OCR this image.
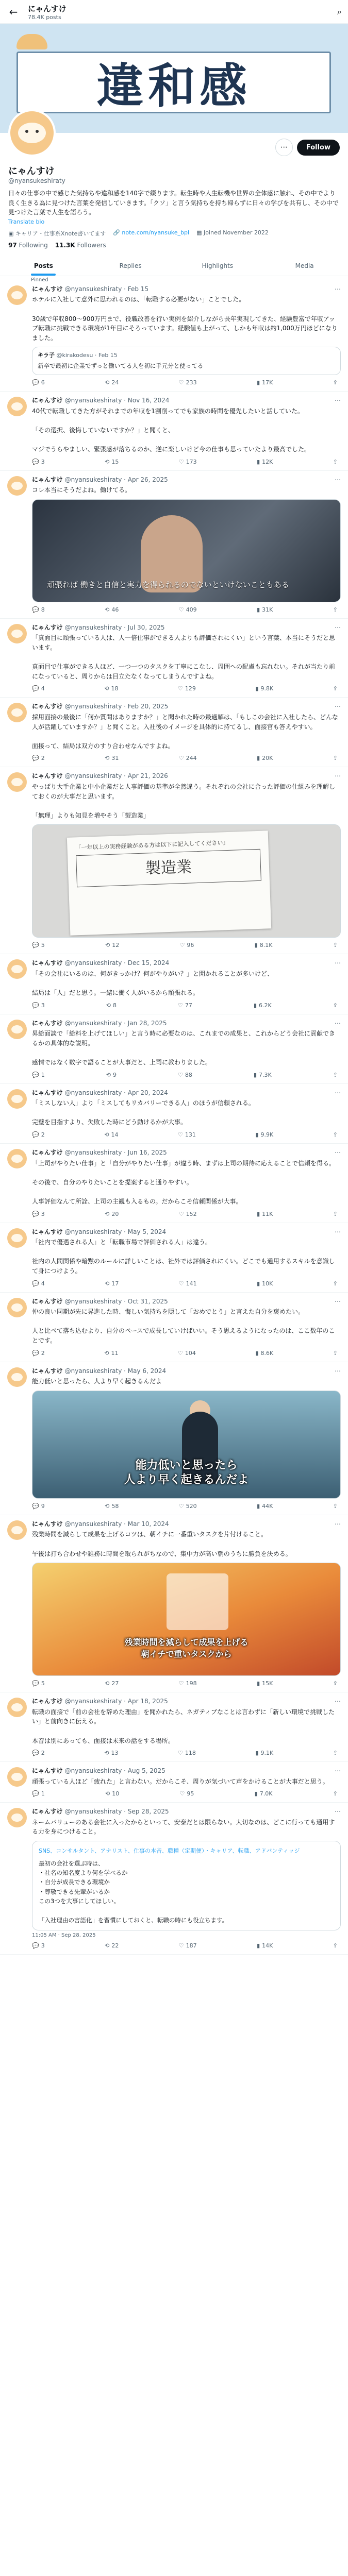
←	にゃんすけ
78.4K posts
⌕
違和感
⋯	Follow
にゃんすけ
@nyansukeshiraty
日々の仕事の中で感じた気持ちや違和感を140字で綴ります。転生時や人生転機や世界の全体感に触れ、その中でより良く生きる為に見つけた言葉を発信していきます。「クソ」と言う気持ちを持ち帰らずに日々の学びを共有し、その中で見つけた言葉で人生を語ろう。
Translate bio
▣ キャリア・仕事系Xnote書いてます 🔗 note.com/nyansuke_bpl ▦ Joined November 2022
97 Following 11.3K Followers
Posts	Replies	Highlights	Media
Pinned
にゃんすけ @nyansukeshiraty · Feb 15	⋯
ホテルに入社して意外に思われるのは、「転職する必要がない」ことでした。

30歳で年収800〜900万円まで、役職改善を行い実例を紹介しながら長年実現してきた、経験豊富で年収アップ転職に挑戦できる環境が1年目にそろっています。経験値も上がって、しかも年収は約1,000万円ほどになりました。
キラ子 @kirakodesu · Feb 15
新卒で最初に企業でずっと働いてる人を初に手元分と使ってる
💬 6	⟲ 24	♡ 233	▮ 17K	⇪
にゃんすけ @nyansukeshiraty · Nov 16, 2024	⋯
40代で転職してきた方がそれまでの年収を1割削ってでも家族の時間を優先したいと話していた。

「その選択、後悔していないですか？」と聞くと、

マジでうらやましい、緊張感が落ちるのか、逆に楽しいけど今の仕事も思っていたより最高でした。
💬 3	⟲ 15	♡ 173	▮ 12K	⇪
にゃんすけ @nyansukeshiraty · Apr 26, 2025	⋯
コレ本当にそうだよね。働けてる。
頑張れば 働きと自信と実力を得られるのでないといけないこともある
💬 8	⟲ 46	♡ 409	▮ 31K	⇪
にゃんすけ @nyansukeshiraty · Jul 30, 2025	⋯
「真面目に頑張っている人は、人一倍仕事ができる人よりも評価されにくい」という言葉、本当にそうだと思います。

真面目で仕事ができる人ほど、一つ一つのタスクを丁寧にこなし、周囲への配慮も忘れない。それが当たり前になっていると、周りからは目立たなくなってしまうんですよね。
💬 4	⟲ 18	♡ 129	▮ 9.8K	⇪
にゃんすけ @nyansukeshiraty · Feb 20, 2025	⋯
採用面接の最後に「何か質問はありますか？」と聞かれた時の最適解は、「もしこの会社に入社したら、どんな人が活躍していますか？」と聞くこと。入社後のイメージを具体的に持てるし、面接官も答えやすい。

面接って、結局は双方のすり合わせなんですよね。
💬 2	⟲ 31	♡ 244	▮ 20K	⇪
にゃんすけ @nyansukeshiraty · Apr 21, 2026	⋯
やっぱり大手企業と中小企業だと人事評価の基準が全然違う。それぞれの会社に合った評価の仕組みを理解しておくのが大事だと思います。

「無理」よりも知見を増やそう「製造業」
「一年以上の実務経験がある方は以下に記入してください」
製造業
💬 5	⟲ 12	♡ 96	▮ 8.1K	⇪
にゃんすけ @nyansukeshiraty · Dec 15, 2024	⋯
「その会社にいるのは、何がきっかけ？何がやりがい？」と聞かれることが多いけど、

結局は「人」だと思う。一緒に働く人がいるから頑張れる。
💬 3	⟲ 8	♡ 77	▮ 6.2K	⇪
にゃんすけ @nyansukeshiraty · Jan 28, 2025	⋯
昇給面談で「給料を上げてほしい」と言う時に必要なのは、これまでの成果と、これからどう会社に貢献できるかの具体的な説明。

感情ではなく数字で語ることが大事だと、上司に教わりました。
💬 1	⟲ 9	♡ 88	▮ 7.3K	⇪
にゃんすけ @nyansukeshiraty · Apr 20, 2024	⋯
「ミスしない人」より「ミスしてもリカバリーできる人」のほうが信頼される。

完璧を目指すより、失敗した時にどう動けるかが大事。
💬 2	⟲ 14	♡ 131	▮ 9.9K	⇪
にゃんすけ @nyansukeshiraty · Jun 16, 2025	⋯
「上司がやりたい仕事」と「自分がやりたい仕事」が違う時、まずは上司の期待に応えることで信頼を得る。

その後で、自分のやりたいことを提案すると通りやすい。

人事評価なんて所詮、上司の主観も入るもの。だからこそ信頼関係が大事。
💬 3	⟲ 20	♡ 152	▮ 11K	⇪
にゃんすけ @nyansukeshiraty · May 5, 2024	⋯
「社内で優遇される人」と「転職市場で評価される人」は違う。

社内の人間関係や暗黙のルールに詳しいことは、社外では評価されにくい。どこでも通用するスキルを意識して身につけよう。
💬 4	⟲ 17	♡ 141	▮ 10K	⇪
にゃんすけ @nyansukeshiraty · Oct 31, 2025	⋯
仲の良い同期が先に昇進した時、悔しい気持ちを隠して「おめでとう」と言えた自分を褒めたい。

人と比べて落ち込むより、自分のペースで成長していけばいい。そう思えるようになったのは、ここ数年のことです。
💬 2	⟲ 11	♡ 104	▮ 8.6K	⇪
にゃんすけ @nyansukeshiraty · May 6, 2024	⋯
能力低いと思ったら、人より早く起きるんだよ
能力低いと思ったら
人より早く起きるんだよ
💬 9	⟲ 58	♡ 520	▮ 44K	⇪
にゃんすけ @nyansukeshiraty · Mar 10, 2024	⋯
残業時間を減らして成果を上げるコツは、朝イチに一番重いタスクを片付けること。

午後は打ち合わせや雑務に時間を取られがちなので、集中力が高い朝のうちに勝負を決める。
残業時間を減らして成果を上げる
朝イチで重いタスクから
💬 5	⟲ 27	♡ 198	▮ 15K	⇪
にゃんすけ @nyansukeshiraty · Apr 18, 2025	⋯
転職の面接で「前の会社を辞めた理由」を聞かれたら、ネガティブなことは言わずに「新しい環境で挑戦したい」と前向きに伝える。

本音は別にあっても、面接は未来の話をする場所。
💬 2	⟲ 13	♡ 118	▮ 9.1K	⇪
にゃんすけ @nyansukeshiraty · Aug 5, 2025	⋯
頑張っている人ほど「疲れた」と言わない。だからこそ、周りが気づいて声をかけることが大事だと思う。
💬 1	⟲ 10	♡ 95	▮ 7.0K	⇪
にゃんすけ @nyansukeshiraty · Sep 28, 2025	⋯
ネームバリューのある会社に入ったからといって、安泰だとは限らない。大切なのは、どこに行っても通用する力を身につけること。
SNS、コンサルタント、アナリスト、仕事の本音、職種（定期便）・キャリア、転職、アドバンティッジ
最初の会社を選ぶ時は、
・社名の知名度より何を学べるか
・自分が成長できる環境か
・尊敬できる先輩がいるか
この3つを大事にしてほしい。

「入社理由の言語化」を習慣にしておくと、転職の時にも役立ちます。
11:05 AM · Sep 28, 2025
💬 3	⟲ 22	♡ 187	▮ 14K	⇪
